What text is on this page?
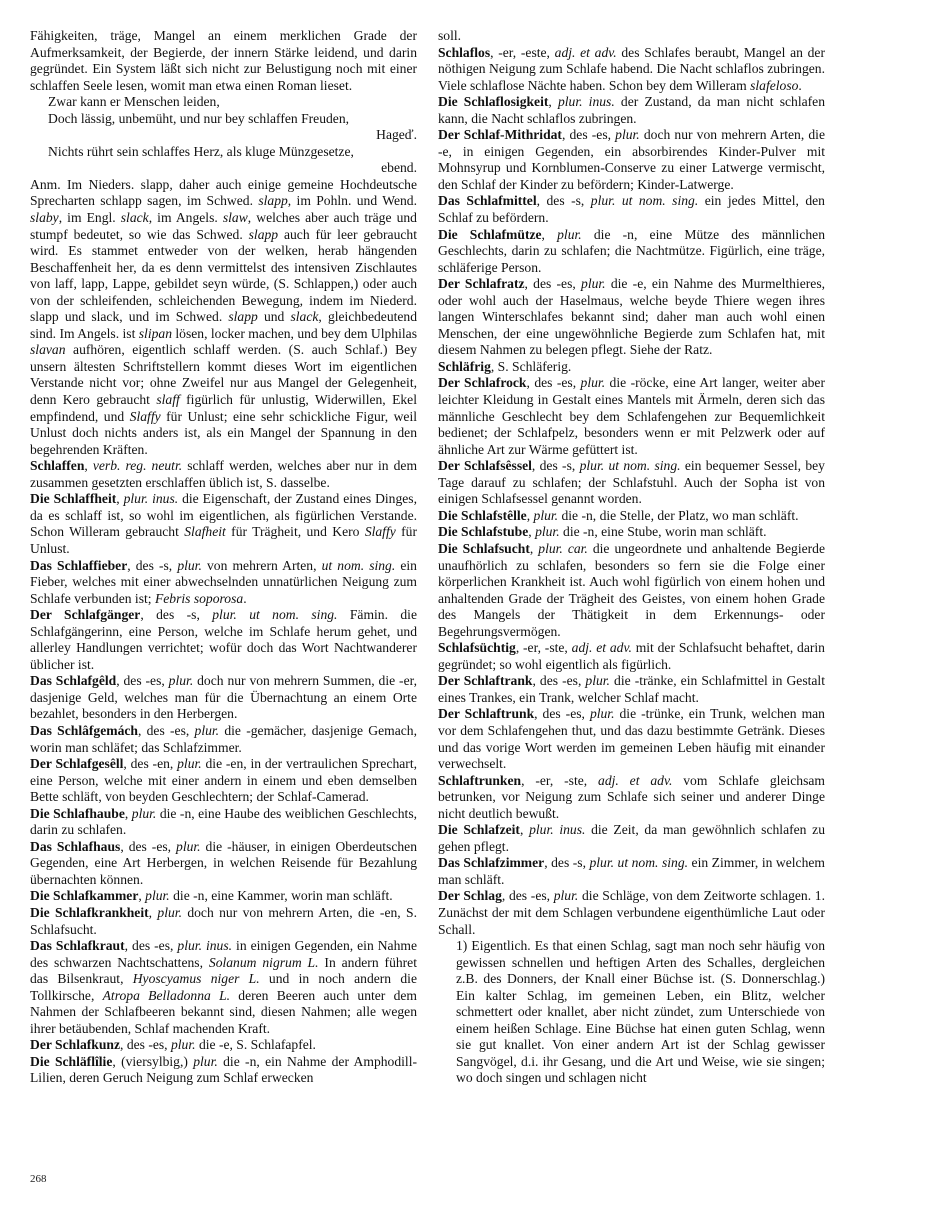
Fähigkeiten, träge, Mangel an einem merklichen Grade der Aufmerksamkeit, der Begierde, der innern Stärke leidend, und darin gegründet. Ein System läßt sich nicht zur Belustigung noch mit einer schlaffen Seele lesen, womit man etwa einen Roman lieset.

Zwar kann er Menschen leiden,

Doch lässig, unbemüht, und nur bey schlaffen Freuden,

Hageď.

Nichts rührt sein schlaffes Herz, als kluge Münzgesetze,

ebend.

Anm. Im Nieders. slapp, daher auch einige gemeine Hochdeutsche Sprecharten schlapp sagen, im Schwed. slapp, im Pohln. und Wend. slaby, im Engl. slack, im Angels. slaw, welches aber auch träge und stumpf bedeutet, so wie das Schwed. slapp auch für leer gebraucht wird. Es stammet entweder von der welken, herab hängenden Beschaffenheit her, da es denn vermittelst des intensiven Zischlautes von laff, lapp, Lappe, gebildet seyn würde, (S. Schlappen,) oder auch von der schleifenden, schleichenden Bewegung, indem im Niederd. slapp und slack, und im Schwed. slapp und slack, gleichbedeutend sind. Im Angels. ist slipan lösen, locker machen, und bey dem Ulphilas slavan aufhören, eigentlich schlaff werden. (S. auch Schlaf.) Bey unsern ältesten Schriftstellern kommt dieses Wort im eigentlichen Verstande nicht vor; ohne Zweifel nur aus Mangel der Gelegenheit, denn Kero gebraucht slaff figürlich für unlustig, Widerwillen, Ekel empfindend, und Slaffy für Unlust; eine sehr schickliche Figur, weil Unlust doch nichts anders ist, als ein Mangel der Spannung in den begehrenden Kräften.

Schlaffen, verb. reg. neutr. schlaff werden, welches aber nur in dem zusammen gesetzten erschlaffen üblich ist, S. dasselbe.

Die Schlaffheit, plur. inus. die Eigenschaft, der Zustand eines Dinges, da es schlaff ist, so wohl im eigentlichen, als figürlichen Verstande. Schon Willeram gebraucht Slafheit für Trägheit, und Kero Slaffy für Unlust.

Das Schlaffieber, des -s, plur. von mehrern Arten, ut nom. sing. ein Fieber, welches mit einer abwechselnden unnatürlichen Neigung zum Schlafe verbunden ist; Febris soporosa.

Der Schlafgänger, des -s, plur. ut nom. sing. Fämin. die Schlafgängerinn, eine Person, welche im Schlafe herum gehet, und allerley Handlungen verrichtet; wofür doch das Wort Nachtwanderer üblicher ist.

Das Schlafgêld, des -es, plur. doch nur von mehrern Summen, die -er, dasjenige Geld, welches man für die Übernachtung an einem Orte bezahlet, besonders in den Herbergen.

Das Schlâfgemách, des -es, plur. die -gemächer, dasjenige Gemach, worin man schläfet; das Schlafzimmer.

Der Schlafgesêll, des -en, plur. die -en, in der vertraulichen Sprechart, eine Person, welche mit einer andern in einem und eben demselben Bette schläft, von beyden Geschlechtern; der Schlaf-Camerad.

Die Schlafhaube, plur. die -n, eine Haube des weiblichen Geschlechts, darin zu schlafen.

Das Schlafhaus, des -es, plur. die -häuser, in einigen Oberdeutschen Gegenden, eine Art Herbergen, in welchen Reisende für Bezahlung übernachten können.

Die Schlafkammer, plur. die -n, eine Kammer, worin man schläft.

Die Schlafkrankheit, plur. doch nur von mehrern Arten, die -en, S. Schlafsucht.

Das Schlafkraut, des -es, plur. inus. in einigen Gegenden, ein Nahme des schwarzen Nachtschattens, Solanum nigrum L. In andern führet das Bilsenkraut, Hyoscyamus niger L. und in noch andern die Tollkirsche, Atropa Belladonna L. deren Beeren auch unter dem Nahmen der Schlafbeeren bekannt sind, diesen Nahmen; alle wegen ihrer betäubenden, Schlaf machenden Kraft.

Der Schlafkunz, des -es, plur. die -e, S. Schlafapfel.

Die Schläflîlie, (viersylbig,) plur. die -n, ein Nahme der Amphodill-Lilien, deren Geruch Neigung zum Schlaf erwecken

soll.

Schlaflos, -er, -este, adj. et adv. des Schlafes beraubt, Mangel an der nöthigen Neigung zum Schlafe habend. Die Nacht schlaflos zubringen. Viele schlaflose Nächte haben. Schon bey dem Willeram slafeloso.

Die Schlaflosigkeit, plur. inus. der Zustand, da man nicht schlafen kann, die Nacht schlaflos zubringen.

Der Schlaf-Mithridat, des -es, plur. doch nur von mehrern Arten, die -e, in einigen Gegenden, ein absorbirendes Kinder-Pulver mit Mohnsyrup und Kornblumen-Conserve zu einer Latwerge vermischt, den Schlaf der Kinder zu befördern; Kinder-Latwerge.

Das Schlafmittel, des -s, plur. ut nom. sing. ein jedes Mittel, den Schlaf zu befördern.

Die Schlafmütze, plur. die -n, eine Mütze des männlichen Geschlechts, darin zu schlafen; die Nachtmütze. Figürlich, eine träge, schläferige Person.

Der Schlafratz, des -es, plur. die -e, ein Nahme des Murmelthieres, oder wohl auch der Haselmaus, welche beyde Thiere wegen ihres langen Winterschlafes bekannt sind; daher man auch wohl einen Menschen, der eine ungewöhnliche Begierde zum Schlafen hat, mit diesem Nahmen zu belegen pflegt. Siehe der Ratz.

Schläfrig, S. Schläferig.

Der Schlafrock, des -es, plur. die -röcke, eine Art langer, weiter aber leichter Kleidung in Gestalt eines Mantels mit Ärmeln, deren sich das männliche Geschlecht bey dem Schlafengehen zur Bequemlichkeit bedienet; der Schlafpelz, besonders wenn er mit Pelzwerk oder auf ähnliche Art zur Wärme gefüttert ist.

Der Schlafsêssel, des -s, plur. ut nom. sing. ein bequemer Sessel, bey Tage darauf zu schlafen; der Schlafstuhl. Auch der Sopha ist von einigen Schlafsessel genannt worden.

Die Schlafstêlle, plur. die -n, die Stelle, der Platz, wo man schläft.

Die Schlafstube, plur. die -n, eine Stube, worin man schläft.

Die Schlafsucht, plur. car. die ungeordnete und anhaltende Begierde unaufhörlich zu schlafen, besonders so fern sie die Folge einer körperlichen Krankheit ist. Auch wohl figürlich von einem hohen und anhaltenden Grade der Trägheit des Geistes, von einem hohen Grade des Mangels der Thätigkeit in dem Erkennungs- oder Begehrungsvermögen.

Schlafsüchtig, -er, -ste, adj. et adv. mit der Schlafsucht behaftet, darin gegründet; so wohl eigentlich als figürlich.

Der Schlaftrank, des -es, plur. die -tränke, ein Schlafmittel in Gestalt eines Trankes, ein Trank, welcher Schlaf macht.

Der Schlaftrunk, des -es, plur. die -trünke, ein Trunk, welchen man vor dem Schlafengehen thut, und das dazu bestimmte Getränk. Dieses und das vorige Wort werden im gemeinen Leben häufig mit einander verwechselt.

Schlaftrunken, -er, -ste, adj. et adv. vom Schlafe gleichsam betrunken, vor Neigung zum Schlafe sich seiner und anderer Dinge nicht deutlich bewußt.

Die Schlafzeit, plur. inus. die Zeit, da man gewöhnlich schlafen zu gehen pflegt.

Das Schlafzimmer, des -s, plur. ut nom. sing. ein Zimmer, in welchem man schläft.

Der Schlag, des -es, plur. die Schläge, von dem Zeitworte schlagen. 1. Zunächst der mit dem Schlagen verbundene eigenthümliche Laut oder Schall.

1) Eigentlich. Es that einen Schlag, sagt man noch sehr häufig von gewissen schnellen und heftigen Arten des Schalles, dergleichen z.B. des Donners, der Knall einer Büchse ist. (S. Donnerschlag.) Ein kalter Schlag, im gemeinen Leben, ein Blitz, welcher schmettert oder knallet, aber nicht zündet, zum Unterschiede von einem heißen Schlage. Eine Büchse hat einen guten Schlag, wenn sie gut knallet. Von einer andern Art ist der Schlag gewisser Sangvögel, d.i. ihr Gesang, und die Art und Weise, wie sie singen; wo doch singen und schlagen nicht

268
